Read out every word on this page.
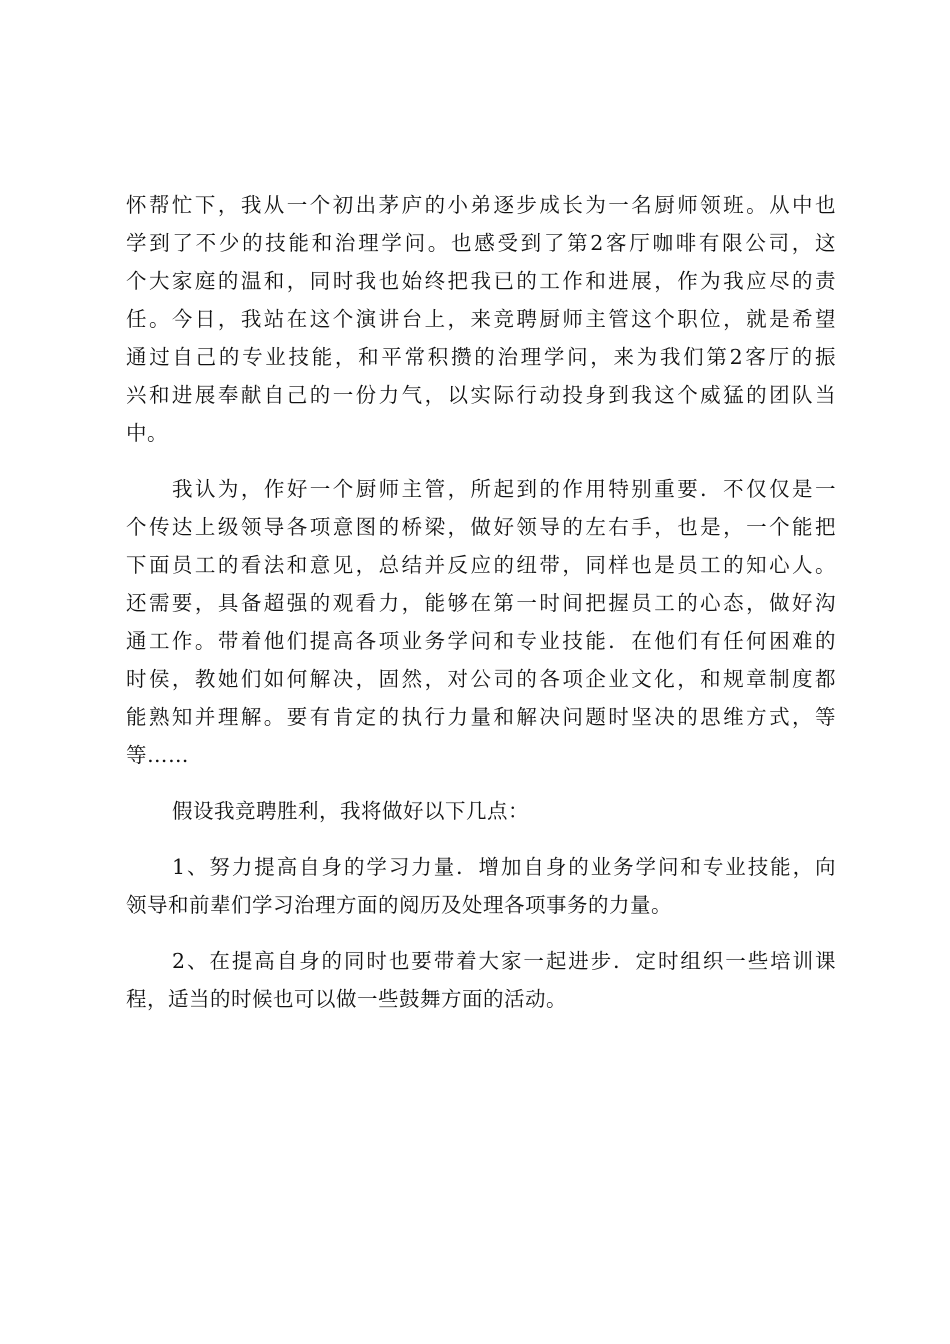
怀帮忙下，我从一个初出茅庐的小弟逐步成长为一名厨师领班。从中也
学到了不少的技能和治理学问。也感受到了第2客厅咖啡有限公司，这
个大家庭的温和，同时我也始终把我已的工作和进展，作为我应尽的责
任。今日，我站在这个演讲台上，来竞聘厨师主管这个职位，就是希望
通过自己的专业技能，和平常积攒的治理学问，来为我们第2客厅的振
兴和进展奉献自己的一份力气，以实际行动投身到我这个威猛的团队当
中。
我认为，作好一个厨师主管，所起到的作用特别重要．不仅仅是一
个传达上级领导各项意图的桥梁，做好领导的左右手，也是，一个能把
下面员工的看法和意见，总结并反应的纽带，同样也是员工的知心人。
还需要，具备超强的观看力，能够在第一时间把握员工的心态，做好沟
通工作。带着他们提高各项业务学问和专业技能．在他们有任何困难的
时侯，教她们如何解决，固然，对公司的各项企业文化，和规章制度都
能熟知并理解。要有肯定的执行力量和解决问题时坚决的思维方式，等
等……
假设我竞聘胜利，我将做好以下几点：
1、努力提高自身的学习力量．增加自身的业务学问和专业技能，向
领导和前辈们学习治理方面的阅历及处理各项事务的力量。
2、在提高自身的同时也要带着大家一起进步．定时组织一些培训课
程，适当的时候也可以做一些鼓舞方面的活动。
